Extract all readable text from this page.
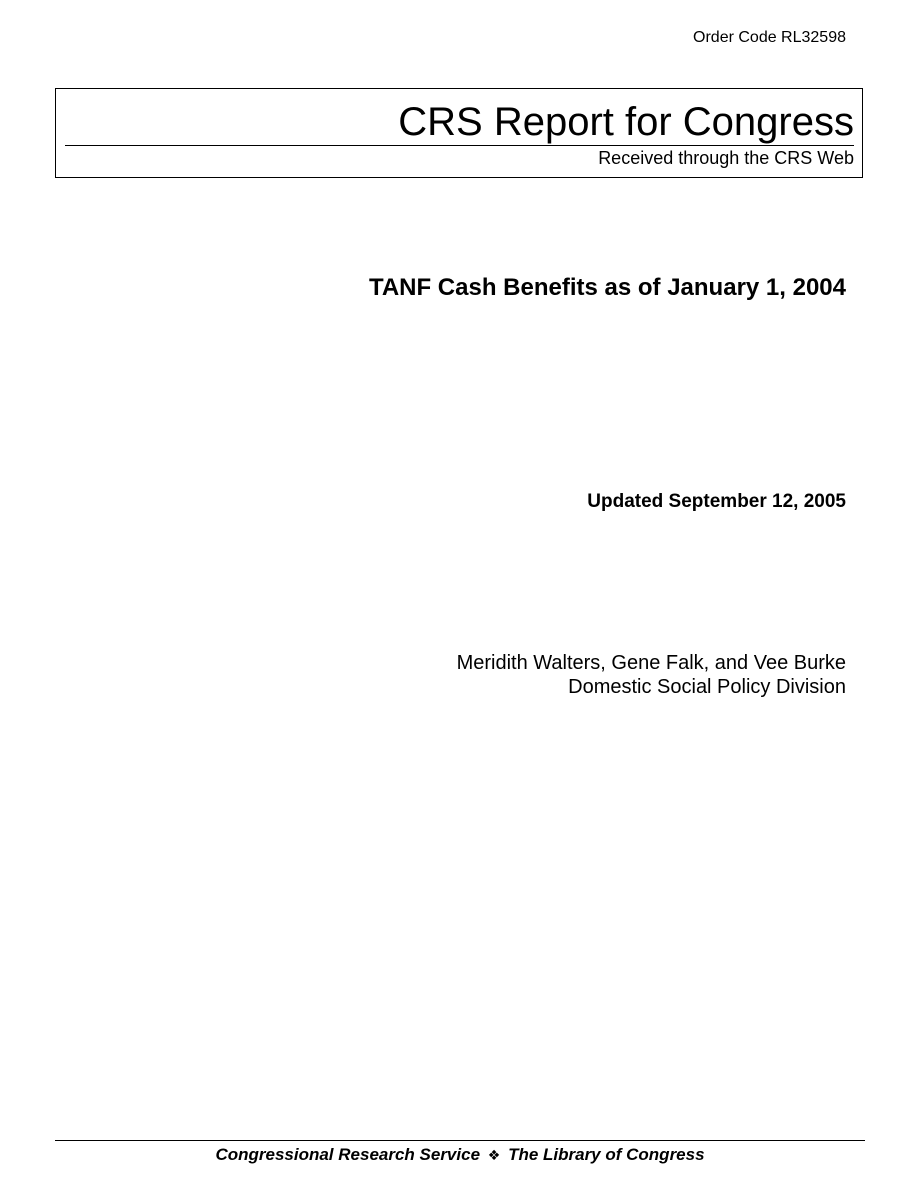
Order Code RL32598
CRS Report for Congress
Received through the CRS Web
TANF Cash Benefits as of January 1, 2004
Updated September 12, 2005
Meridith Walters, Gene Falk, and Vee Burke
Domestic Social Policy Division
Congressional Research Service ❖ The Library of Congress
